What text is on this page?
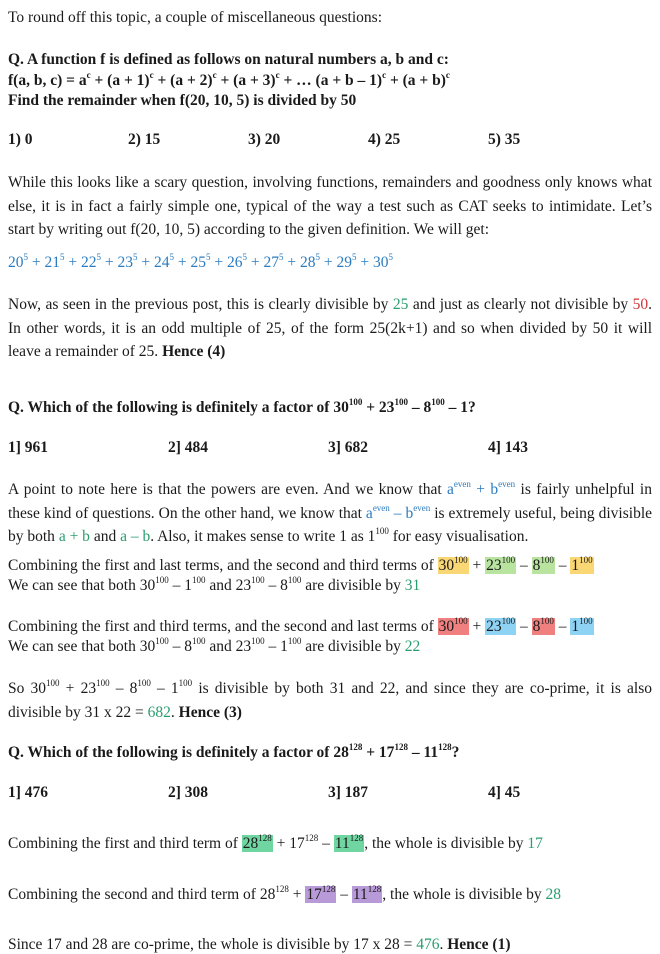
To round off this topic, a couple of miscellaneous questions:
Q. A function f is defined as follows on natural numbers a, b and c:
f(a, b, $c) = a^c + (a + 1)^c + (a + 2)^c + (a + 3)^c$ + … $(a + b - 1)^c + (a + b)^c$
Find the remainder when f(20, 10, 5) is divided by 50
1) 0	2) 15	3) 20	4) 25	5) 35
While this looks like a scary question, involving functions, remainders and goodness only knows what else, it is in fact a fairly simple one, typical of the way a test such as CAT seeks to intimidate. Let’s start by writing out f(20, 10, 5) according to the given definition. We will get:
$20^5 + 21^5 + 22^5 + 23^5 + 24^5 + 25^5 + 26^5 + 27^5 + 28^5 + 29^5 + 30^5$
Now, as seen in the previous post, this is clearly divisible by 25 and just as clearly not divisible by 50. In other words, it is an odd multiple of 25, of the form 25(2k+1) and so when divided by 50 it will leave a remainder of 25. Hence (4)
Q. Which of the following is definitely a factor of $30^{100} + 23^{100} - 8^{100} - 1$?
1] 961	2] 484	3] 682	4] 143
A point to note here is that the powers are even. And we know that $a^{even} + b^{even}$ is fairly unhelpful in these kind of questions. On the other hand, we know that $a^{even} - b^{even}$ is extremely useful, being divisible by both a + b and a – b. Also, it makes sense to write 1 as $1^{100}$ for easy visualisation.
Combining the first and last terms, and the second and third terms of $30^{100} + 23^{100} - 8^{100} - 1^{100}$
We can see that both $30^{100} - 1^{100}$ and $23^{100} - 8^{100}$ are divisible by 31
Combining the first and third terms, and the second and last terms of $30^{100} + 23^{100} - 8^{100} - 1^{100}$
We can see that both $30^{100} - 8^{100}$ and $23^{100} - 1^{100}$ are divisible by 22
So $30^{100} + 23^{100} - 8^{100} - 1^{100}$ is divisible by both 31 and 22, and since they are co-prime, it is also divisible by 31 x 22 = 682. Hence (3)
Q. Which of the following is definitely a factor of $28^{128} + 17^{128} - 11^{128}$?
1] 476	2] 308	3] 187	4] 45
Combining the first and third term of $28^{128} + 17^{128} - 11^{128}$, the whole is divisible by 17
Combining the second and third term of $28^{128} + 17^{128} - 11^{128}$, the whole is divisible by 28
Since 17 and 28 are co-prime, the whole is divisible by 17 x 28 = 476. Hence (1)
